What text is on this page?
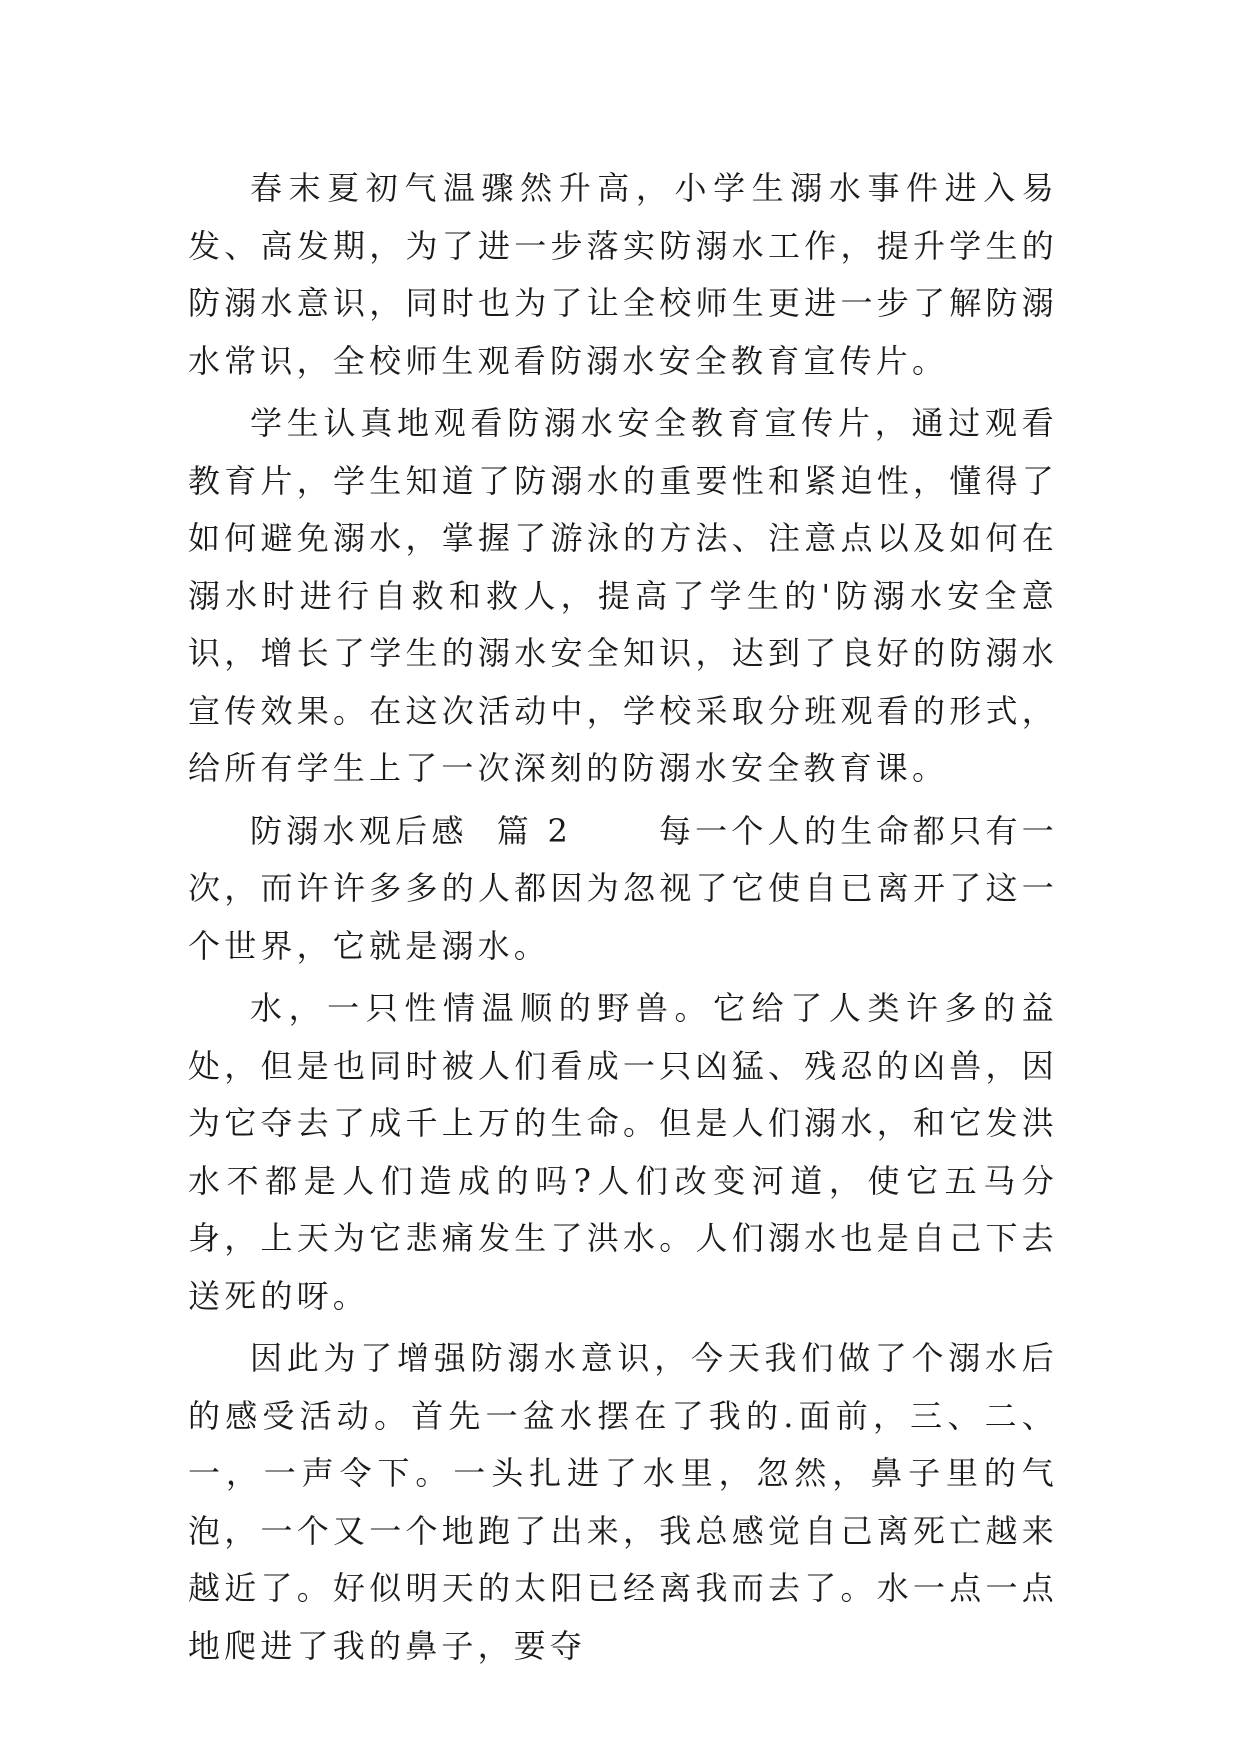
春末夏初气温骤然升高，小学生溺水事件进入易发、高发期，为了进一步落实防溺水工作，提升学生的防溺水意识，同时也为了让全校师生更进一步了解防溺水常识，全校师生观看防溺水安全教育宣传片。

学生认真地观看防溺水安全教育宣传片，通过观看教育片，学生知道了防溺水的重要性和紧迫性，懂得了如何避免溺水，掌握了游泳的方法、注意点以及如何在溺水时进行自救和救人，提高了学生的'防溺水安全意识，增长了学生的溺水安全知识，达到了良好的防溺水宣传效果。在这次活动中，学校采取分班观看的形式，给所有学生上了一次深刻的防溺水安全教育课。

防溺水观后感  篇 2      每一个人的生命都只有一次，而许许多多的人都因为忽视了它使自已离开了这一个世界，它就是溺水。

水，一只性情温顺的野兽。它给了人类许多的益处，但是也同时被人们看成一只凶猛、残忍的凶兽，因为它夺去了成千上万的生命。但是人们溺水，和它发洪水不都是人们造成的吗?人们改变河道，使它五马分身，上天为它悲痛发生了洪水。人们溺水也是自己下去送死的呀。

因此为了增强防溺水意识，今天我们做了个溺水后的感受活动。首先一盆水摆在了我的.面前，三、二、一，一声令下。一头扎进了水里，忽然，鼻子里的气泡，一个又一个地跑了出来，我总感觉自己离死亡越来越近了。好似明天的太阳已经离我而去了。水一点一点地爬进了我的鼻子，要夺
